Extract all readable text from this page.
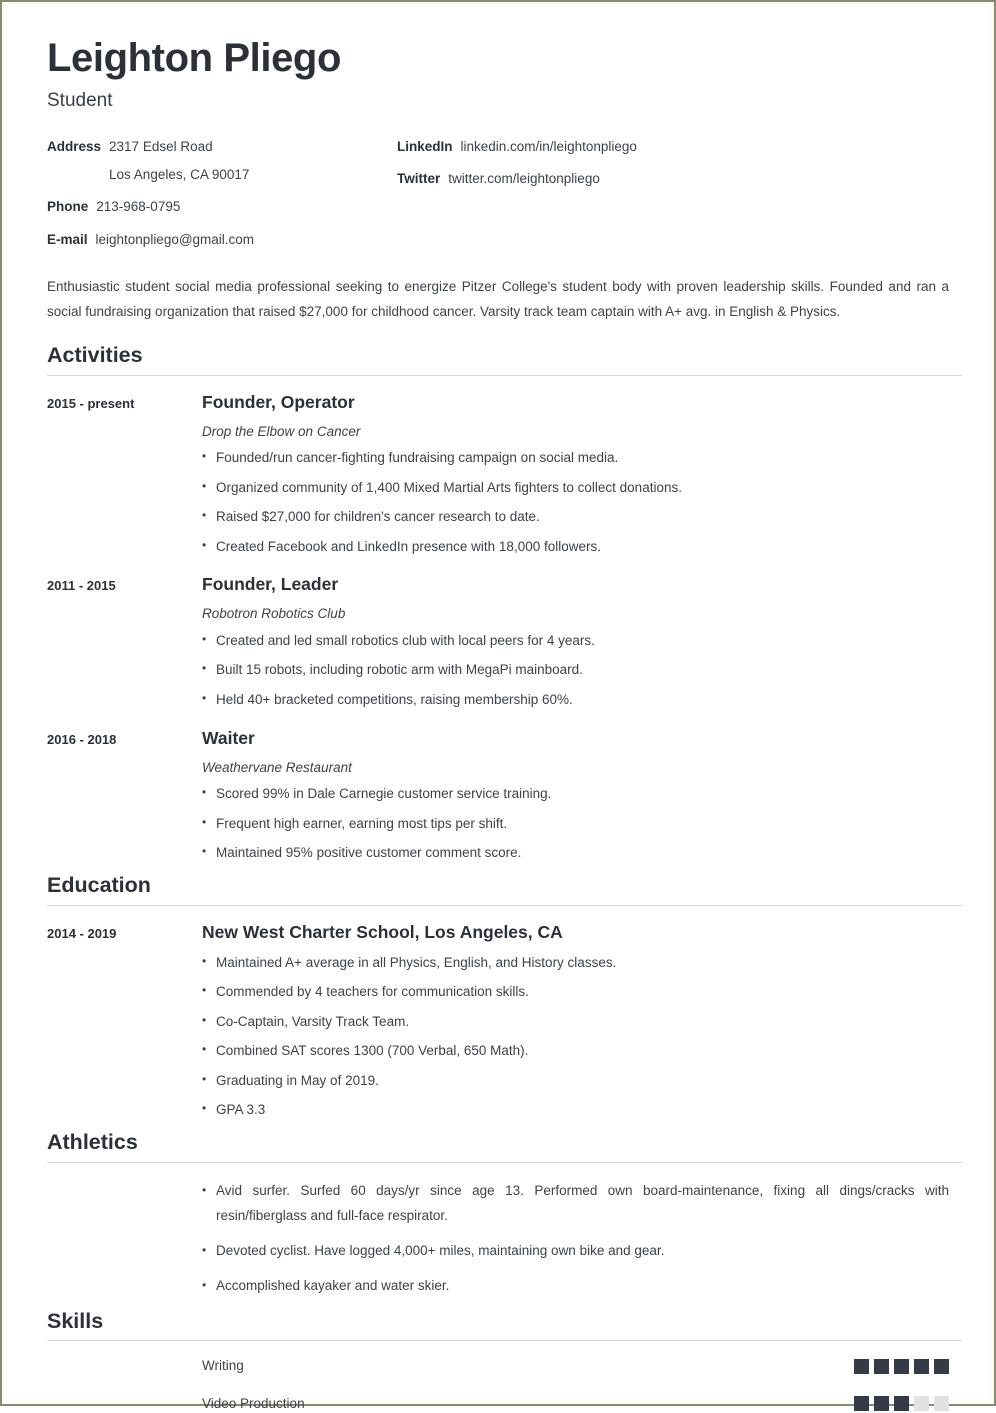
Leighton Pliego
Student
Address 2317 Edsel Road
Los Angeles, CA 90017
Phone 213-968-0795
E-mail leightonpliego@gmail.com
LinkedIn linkedin.com/in/leightonpliego
Twitter twitter.com/leightonpliego

Enthusiastic student social media professional seeking to energize Pitzer College's student body with proven leadership skills. Founded and ran a social fundraising organization that raised $27,000 for childhood cancer. Varsity track team captain with A+ avg. in English & Physics.

Activities
2015 - present	Founder, Operator
Drop the Elbow on Cancer
• Founded/run cancer-fighting fundraising campaign on social media.
• Organized community of 1,400 Mixed Martial Arts fighters to collect donations.
• Raised $27,000 for children's cancer research to date.
• Created Facebook and LinkedIn presence with 18,000 followers.
2011 - 2015	Founder, Leader
Robotron Robotics Club
• Created and led small robotics club with local peers for 4 years.
• Built 15 robots, including robotic arm with MegaPi mainboard.
• Held 40+ bracketed competitions, raising membership 60%.
2016 - 2018	Waiter
Weathervane Restaurant
• Scored 99% in Dale Carnegie customer service training.
• Frequent high earner, earning most tips per shift.
• Maintained 95% positive customer comment score.
Education
2014 - 2019	New West Charter School, Los Angeles, CA
• Maintained A+ average in all Physics, English, and History classes.
• Commended by 4 teachers for communication skills.
• Co-Captain, Varsity Track Team.
• Combined SAT scores 1300 (700 Verbal, 650 Math).
• Graduating in May of 2019.
• GPA 3.3
Athletics
• Avid surfer. Surfed 60 days/yr since age 13. Performed own board-maintenance, fixing all dings/cracks with resin/fiberglass and full-face respirator.
• Devoted cyclist. Have logged 4,000+ miles, maintaining own bike and gear.
• Accomplished kayaker and water skier.
Skills
Writing
Video Production
